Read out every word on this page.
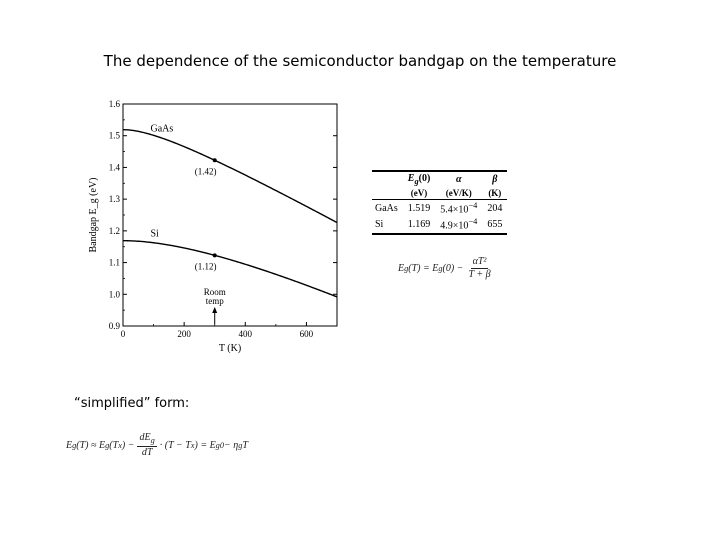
The dependence of the semiconductor bandgap on the temperature
0.9
1.0
1.1
1.2
1.3
1.4
1.5
1.6
0	200	400	600
T (K)
Bandgap E_g (eV)
GaAs
(1.42)
Si
(1.12)
Room
temp
	$E_g(0)$	α	β
	(eV)	(eV/K)	(K)
GaAs	1.519	$5.4\times 10^{-4}$	204
Si	1.169	$4.9\times 10^{-4}$	655
E g (T) = E g $(0) - \frac{\text{αT²}}{T + \beta}$
“simplified” form:
E g (T) ≈ E g (T x ) − $\frac{dE_g}{dT} \cdot (T - T$ x ) = E g0 − η g T
